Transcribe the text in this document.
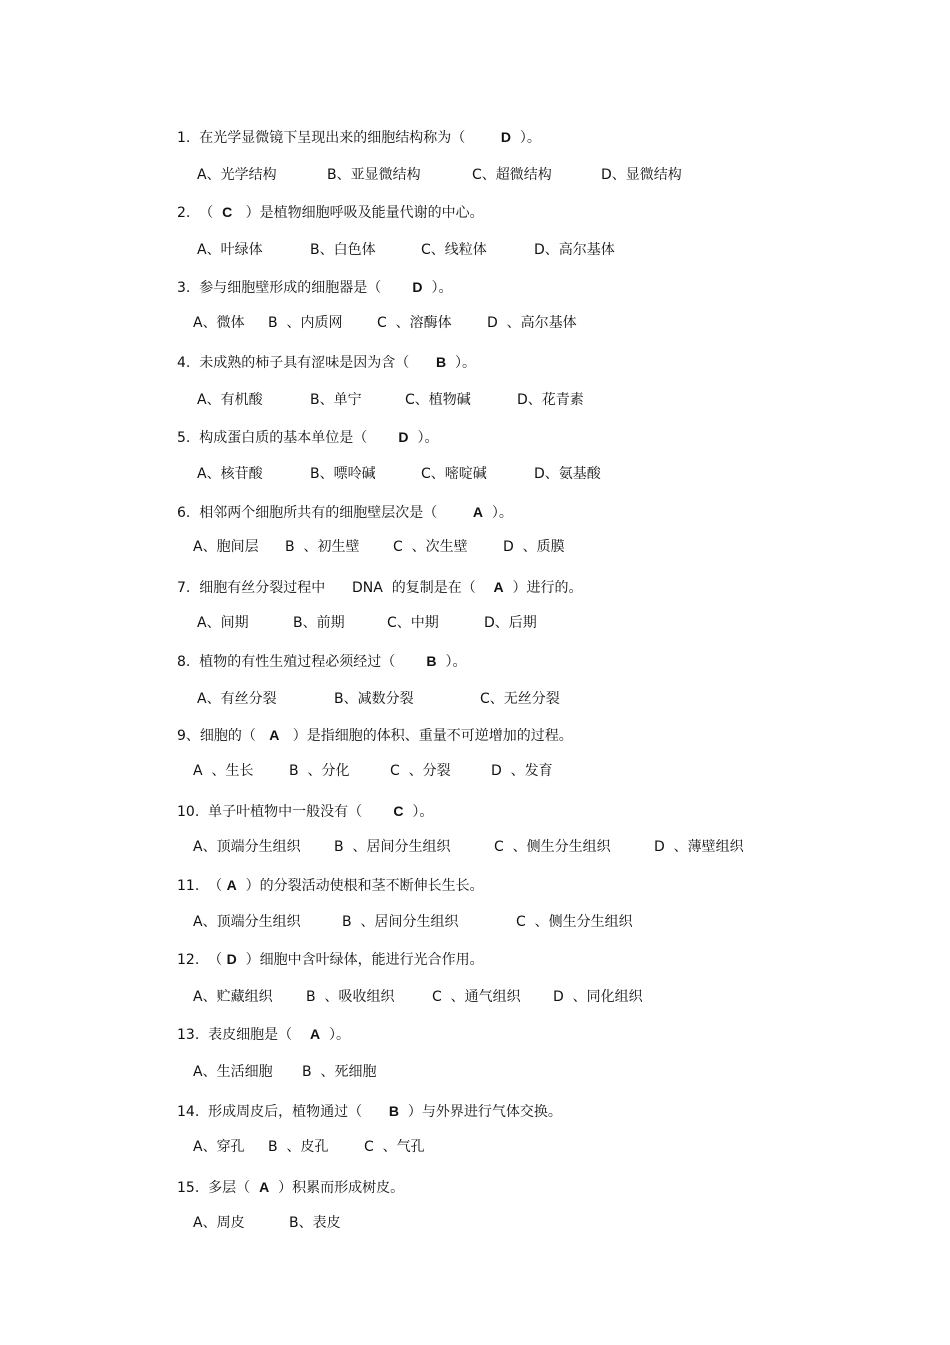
1.  在光学显微镜下呈现出来的细胞结构称为（        D  ）。
A、光学结构	B、亚显微结构	C、超微结构	D、显微结构
2.  （  C   ）是植物细胞呼吸及能量代谢的中心。
A、叶绿体	B、白色体	C、线粒体	D、高尔基体
3.  参与细胞壁形成的细胞器是（       D  ）。
A、微体 B  、内质网 C  、溶酶体	D  、高尔基体
4.  未成熟的柿子具有涩味是因为含（      B  ）。
A、有机酸	B、单宁	C、植物碱	D、花青素
5.  构成蛋白质的基本单位是（       D  ）。
A、核苷酸	B、嘌呤碱	C、嘧啶碱	D、氨基酸
6.  相邻两个细胞所共有的细胞壁层次是（        A  ）。
A、胞间层 B  、初生壁 C  、次生壁	D  、质膜
7.  细胞有丝分裂过程中      DNA  的复制是在（    A  ）进行的。
A、间期	B、前期	C、中期	D、后期
8.  植物的有性生殖过程必须经过（       B  ）。
A、有丝分裂	B、减数分裂	C、无丝分裂
9、细胞的（   A   ）是指细胞的体积、重量不可逆增加的过程。
A  、生长	B  、分化	C  、分裂	D  、发育
10.  单子叶植物中一般没有（       C  ）。
A、顶端分生组织 B  、居间分生组织	C  、侧生分生组织	D  、薄壁组织
11.  （ A  ）的分裂活动使根和茎不断伸长生长。
A、顶端分生组织	B  、居间分生组织	C  、侧生分生组织
12.  （ D  ）细胞中含叶绿体，能进行光合作用。
A、贮藏组织 B  、吸收组织	C  、通气组织 D  、同化组织
13.  表皮细胞是（    A  ）。
A、生活细胞 B  、死细胞
14.  形成周皮后，植物通过（      B  ）与外界进行气体交换。
A、穿孔 B  、皮孔	C  、气孔
15.  多层（  A  ）积累而形成树皮。
A、周皮	B、表皮
